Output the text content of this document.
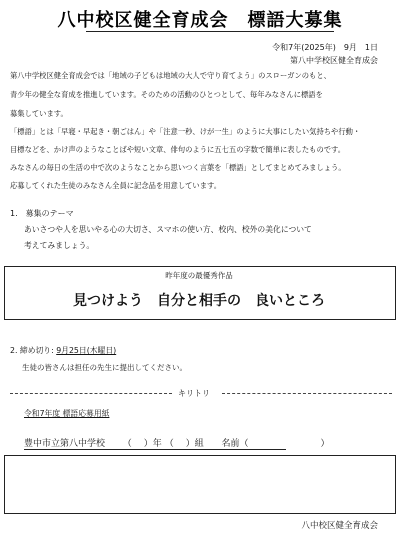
八中校区健全育成会　標語大募集
令和7年(2025年)　9月　1日
第八中学校区健全育成会
第八中学校区健全育成会では「地域の子どもは地域の大人で守り育てよう」のスローガンのもと、
青少年の健全な育成を推進しています。そのための活動のひとつとして、毎年みなさんに標語を
募集しています。
「標語」とは「早寝・早起き・朝ごはん」や「注意一秒、けが一生」のように大事にしたい気持ちや行動・
目標などを、かけ声のようなことばや短い文章、俳句のように五七五の字数で簡単に表したものです。
みなさんの毎日の生活の中で次のようなことから思いつく言葉を「標語」としてまとめてみましょう。
応募してくれた生徒のみなさん全員に記念品を用意しています。
1.　募集のテーマ
あいさつや人を思いやる心の大切さ、スマホの使い方、校内、校外の美化について
考えてみましょう。
昨年度の最優秀作品
見つけよう　自分と相手の　良いところ
2. 締め切り: 9月25日(木曜日)
生徒の皆さんは担任の先生に提出してください。
キリトリ
令和7年度 標語応募用紙
豊中市立第八中学校 （ ）年 （ ）組 名前（	）
八中校区健全育成会
